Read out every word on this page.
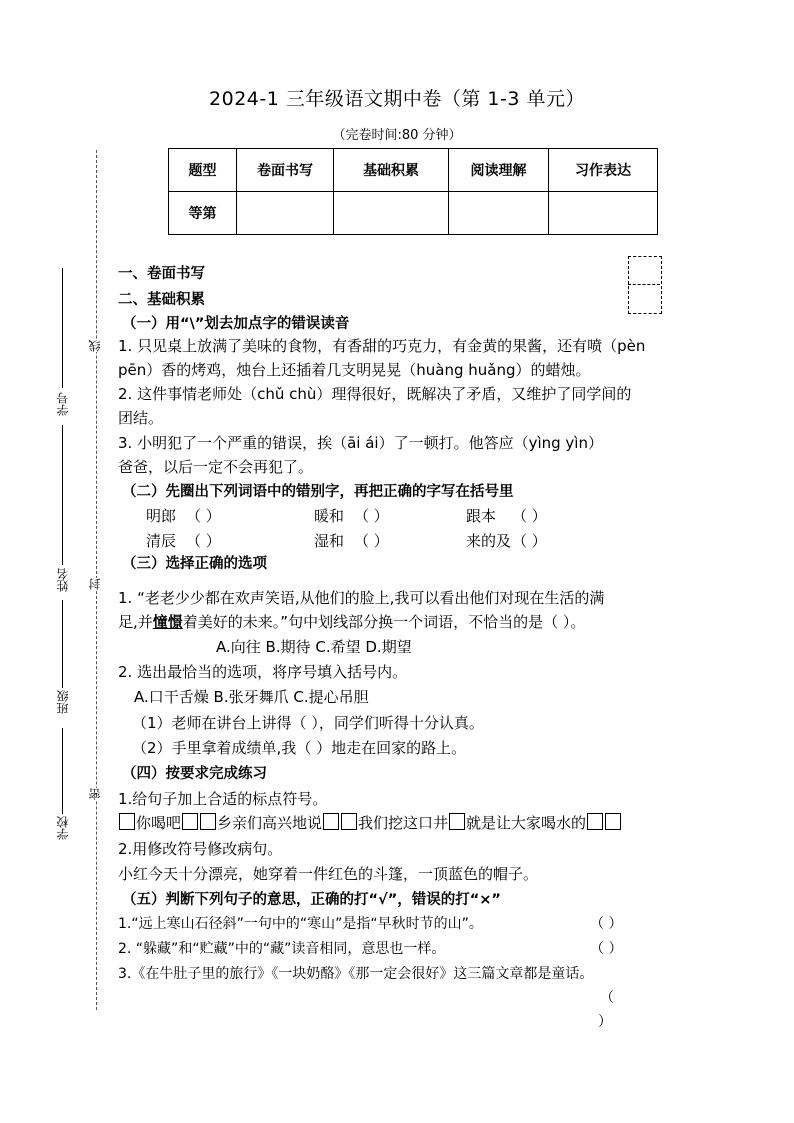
学号
姓名
班级
学校
线
封
密
2024-1 三年级语文期中卷（第 1-3 单元）
（完卷时间:80 分钟）
题型	卷面书写	基础积累	阅读理解	习作表达
等第				
一、卷面书写
二、基础积累
（一）用“\”划去加点字的错误读音
1. 只见桌上放满了美味的食物，有香甜的巧克力，有金黄的果酱，还有喷（pèn
pēn）香的烤鸡，烛台上还插着几支明晃晃（huàng huǎng）的蜡烛。
2. 这件事情老师处（chǔ chù）理得很好，既解决了矛盾，又维护了同学间的
团结。
3. 小明犯了一个严重的错误，挨（āi ái）了一顿打。他答应（yìng yìn）
爸爸，以后一定不会再犯了。
（二）先圈出下列词语中的错别字，再把正确的字写在括号里
明郎 （ ）	暖和 （ ）	跟本 （ ）
清辰 （ ）	湿和 （ ）	来的及 （ ）
（三）选择正确的选项
1. “老老少少都在欢声笑语,从他们的脸上,我可以看出他们对现在生活的满
足,并憧憬着美好的未来。”句中划线部分换一个词语，不恰当的是（ ）。
A.向往 B.期待 C.希望 D.期望
2. 选出最恰当的选项，将序号填入括号内。
A.口干舌燥 B.张牙舞爪 C.提心吊胆
（1）老师在讲台上讲得（ ），同学们听得十分认真。
（2）手里拿着成绩单,我（ ）地走在回家的路上。
（四）按要求完成练习
1.给句子加上合适的标点符号。
你喝吧 乡亲们高兴地说 我们挖这口井 就是让大家喝水的
2.用修改符号修改病句。
小红今天十分漂亮，她穿着一件红色的斗篷，一顶蓝色的帽子。
（五）判断下列句子的意思，正确的打“√”，错误的打“×”
1.“远上寒山石径斜”一句中的“寒山”是指“早秋时节的山”。	（ ）
2. “躲藏”和“贮藏”中的“藏”读音相同，意思也一样。	（ ）
3.《在牛肚子里的旅行》《一块奶酪》《那一定会很好》这三篇文章都是童话。
（
）
